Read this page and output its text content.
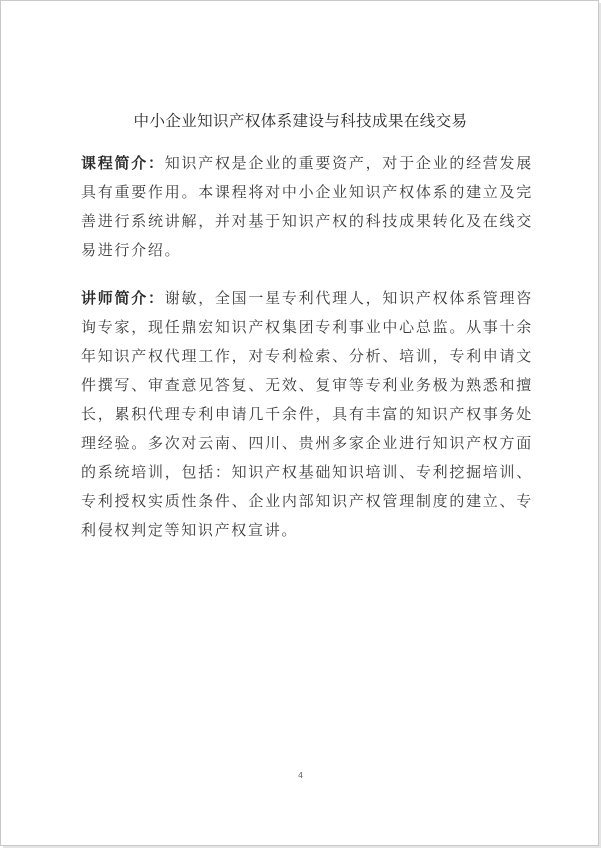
中小企业知识产权体系建设与科技成果在线交易

课程简介：知识产权是企业的重要资产，对于企业的经营发展具有重要作用。本课程将对中小企业知识产权体系的建立及完善进行系统讲解，并对基于知识产权的科技成果转化及在线交易进行介绍。

讲师简介：谢敏，全国一星专利代理人，知识产权体系管理咨询专家，现任鼎宏知识产权集团专利事业中心总监。从事十余年知识产权代理工作，对专利检索、分析、培训，专利申请文件撰写、审查意见答复、无效、复审等专利业务极为熟悉和擅长，累积代理专利申请几千余件，具有丰富的知识产权事务处理经验。多次对云南、四川、贵州多家企业进行知识产权方面的系统培训，包括：知识产权基础知识培训、专利挖掘培训、专利授权实质性条件、企业内部知识产权管理制度的建立、专利侵权判定等知识产权宣讲。

4
